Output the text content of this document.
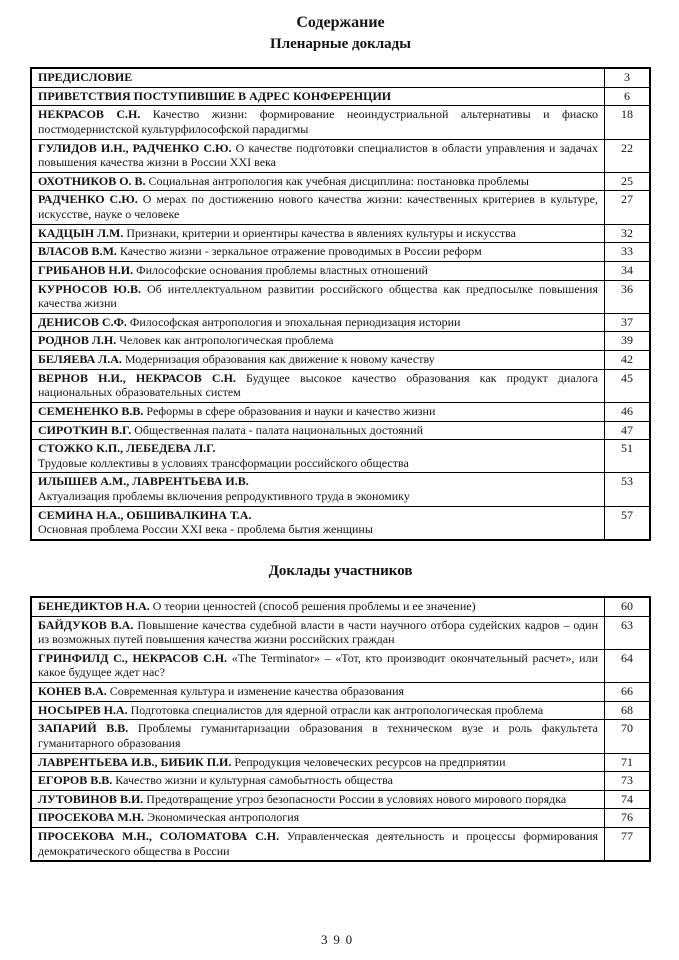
Содержание
Пленарные доклады
ПРЕДИСЛОВИЕ	3
ПРИВЕТСТВИЯ ПОСТУПИВШИЕ В АДРЕС КОНФЕРЕНЦИИ	6
НЕКРАСОВ С.Н. Качество жизни: формирование неоиндустриальной альтернативы и фиаско постмодернистской культурфилософской парадигмы	18
ГУЛИДОВ И.Н., РАДЧЕНКО С.Ю. О качестве подготовки специалистов в области управления и задачах повышения качества жизни в России XXI века	22
ОХОТНИКОВ О. В. Социальная антропология как учебная дисциплина: постановка проблемы	25
РАДЧЕНКО С.Ю. О мерах по достижению нового качества жизни: качественных критериев в культуре, искусстве, науке о человеке	27
КАДЦЫН Л.М. Признаки, критерии и ориентиры качества в явлениях культуры и искусства	32
ВЛАСОВ В.М. Качество жизни - зеркальное отражение проводимых в России реформ	33
ГРИБАНОВ Н.И. Философские основания проблемы властных отношений	34
КУРНОСОВ Ю.В. Об интеллектуальном развитии российского общества как предпосылке повышения качества жизни	36
ДЕНИСОВ С.Ф. Философская антропология и эпохальная периодизация истории	37
РОДНОВ Л.Н. Человек как антропологическая проблема	39
БЕЛЯЕВА Л.А. Модернизация образования как движение к новому качеству	42
ВЕРНОВ Н.И., НЕКРАСОВ С.Н. Будущее высокое качество образования как продукт диалога национальных образовательных систем	45
СЕМЕНЕНКО В.В. Реформы в сфере образования и науки и качество жизни	46
СИРОТКИН В.Г. Общественная палата - палата национальных достояний	47
СТОЖКО К.П., ЛЕБЕДЕВА Л.Г.
Трудовые коллективы в условиях трансформации российского общества	51
ИЛЫШЕВ А.М., ЛАВРЕНТЬЕВА И.В.
Актуализация проблемы включения репродуктивного труда в экономику	53
СЕМИНА Н.А., ОБШИВАЛКИНА Т.А.
Основная проблема России XXI века - проблема бытия женщины	57
Доклады участников
БЕНЕДИКТОВ Н.А. О теории ценностей (способ решения проблемы и ее значение)	60
БАЙДУКОВ В.А. Повышение качества судебной власти в части научного отбора судейских кадров – один из возможных путей повышения качества жизни российских граждан	63
ГРИНФИЛД С., НЕКРАСОВ С.Н. «The Terminator» – «Тот, кто производит окончательный расчет», или какое будущее ждет нас?	64
КОНЕВ В.А. Современная культура и изменение качества образования	66
НОСЫРЕВ Н.А. Подготовка специалистов для ядерной отрасли как антропологическая проблема	68
ЗАПАРИЙ В.В. Проблемы гуманитаризации образования в техническом вузе и роль факультета гуманитарного образования	70
ЛАВРЕНТЬЕВА И.В., БИБИК П.И. Репродукция человеческих ресурсов на предприятии	71
ЕГОРОВ В.В. Качество жизни и культурная самобытность общества	73
ЛУТОВИНОВ В.И. Предотвращение угроз безопасности России в условиях нового мирового порядка	74
ПРОСЕКОВА М.Н. Экономическая антропология	76
ПРОСЕКОВА М.Н., СОЛОМАТОВА С.Н. Управленческая деятельность и процессы формирования демократического общества в России	77
390
